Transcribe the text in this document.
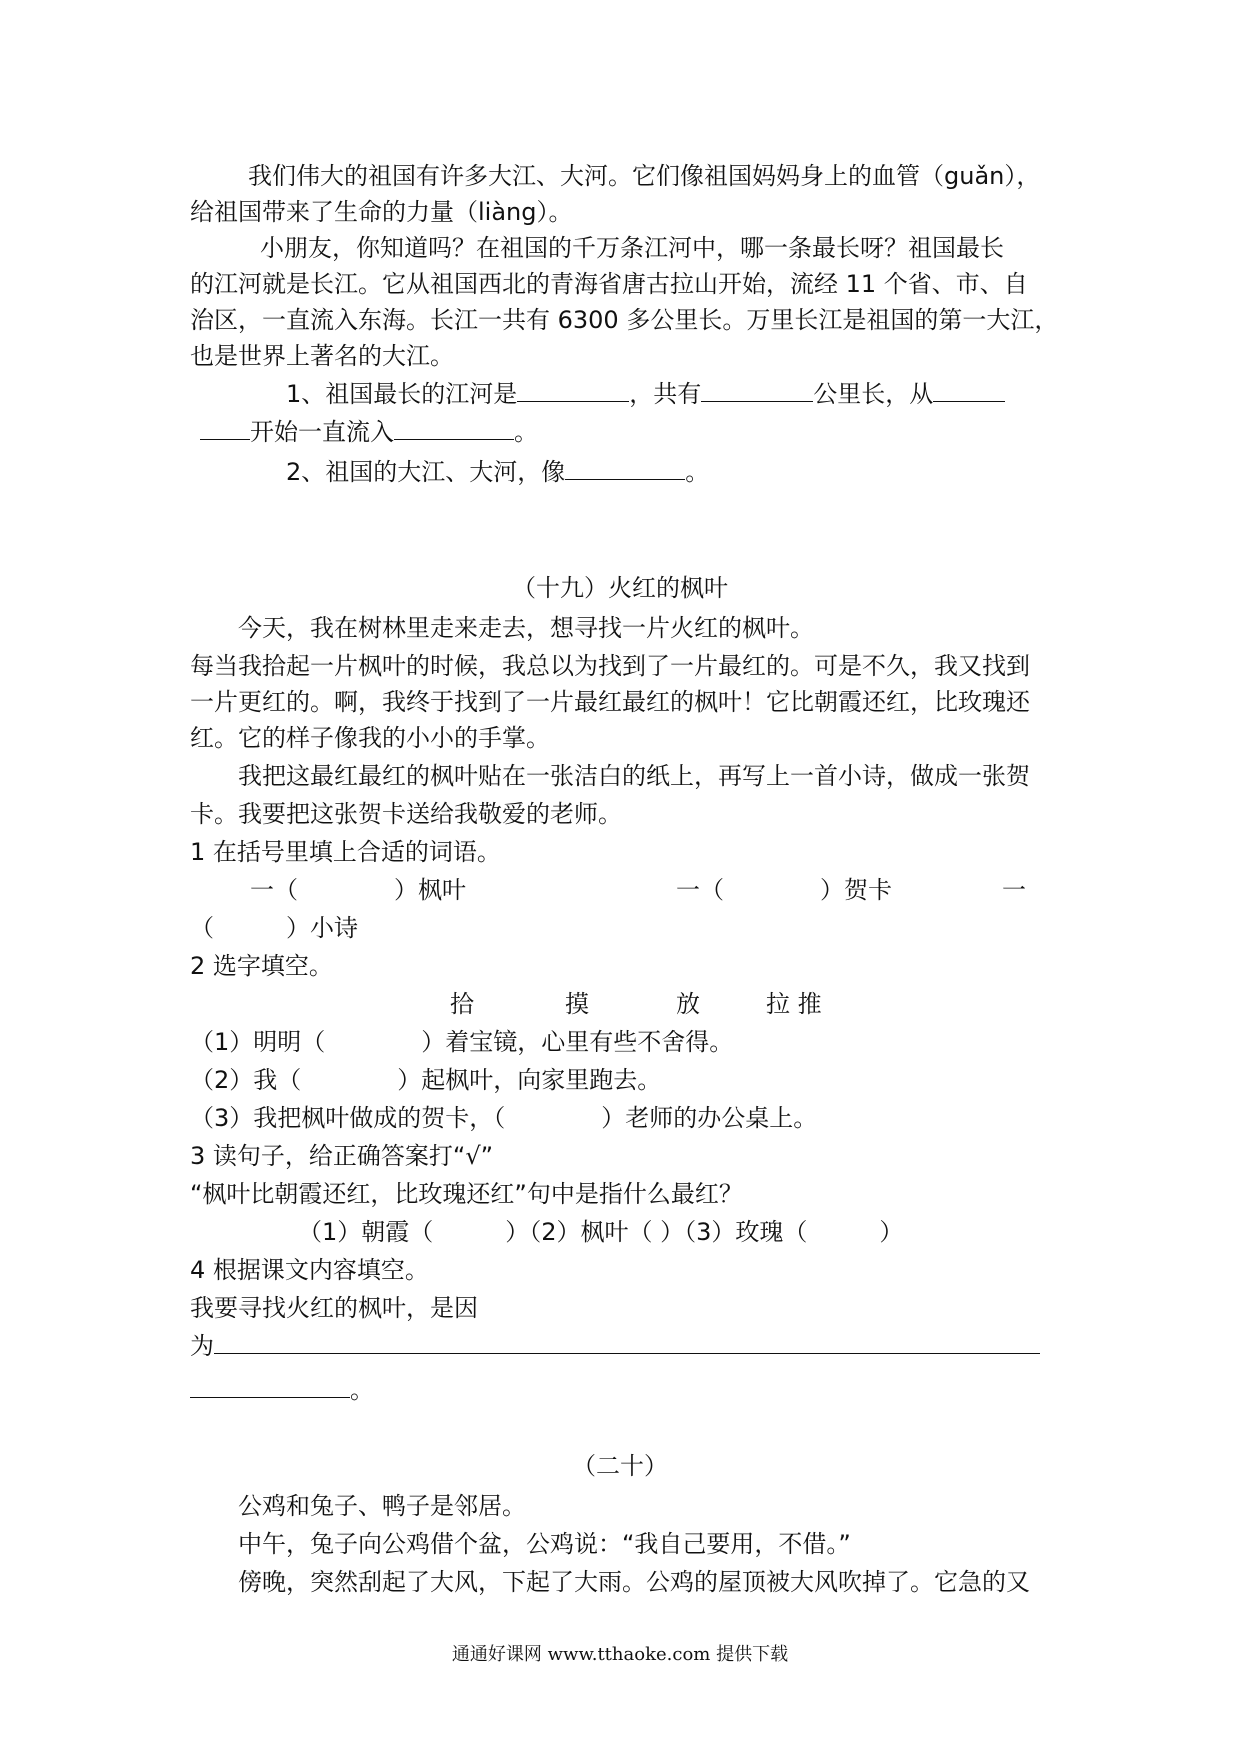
我们伟大的祖国有许多大江、大河。它们像祖国妈妈身上的血管（guǎn），
给祖国带来了生命的力量（liàng）。
小朋友，你知道吗？在祖国的千万条江河中，哪一条最长呀？祖国最长
的江河就是长江。它从祖国西北的青海省唐古拉山开始，流经 11 个省、市、自
治区，一直流入东海。长江一共有 6300 多公里长。万里长江是祖国的第一大江，
也是世界上著名的大江。
1、祖国最长的江河是	，共有	公里长，从
开始一直流入	。
2、祖国的大江、大河，像	。
（十九）火红的枫叶
今天，我在树林里走来走去，想寻找一片火红的枫叶。
每当我拾起一片枫叶的时候，我总以为找到了一片最红的。可是不久，我又找到
一片更红的。啊，我终于找到了一片最红最红的枫叶！它比朝霞还红，比玫瑰还
红。它的样子像我的小小的手掌。
我把这最红最红的枫叶贴在一张洁白的纸上，再写上一首小诗，做成一张贺
卡。我要把这张贺卡送给我敬爱的老师。
1 在括号里填上合适的词语。
一（　　　　）枫叶	一（　　　　）贺卡	一
（　　　）小诗
2 选字填空。
拾	摸	放	拉 推
（1）明明（　　　　）着宝镜，心里有些不舍得。
（2）我（　　　　）起枫叶，向家里跑去。
（3）我把枫叶做成的贺卡，（　　　　）老师的办公桌上。
3 读句子，给正确答案打“√”
“枫叶比朝霞还红，比玫瑰还红”句中是指什么最红？
（1）朝霞（　　　）（2）枫叶（ ）（3）玫瑰（　　　）
4 根据课文内容填空。
我要寻找火红的枫叶，是因
为
。
（二十）
公鸡和兔子、鸭子是邻居。
中午，兔子向公鸡借个盆，公鸡说：“我自己要用，不借。”
傍晚，突然刮起了大风，下起了大雨。公鸡的屋顶被大风吹掉了。它急的又
通通好课网 www.tthaoke.com 提供下载
